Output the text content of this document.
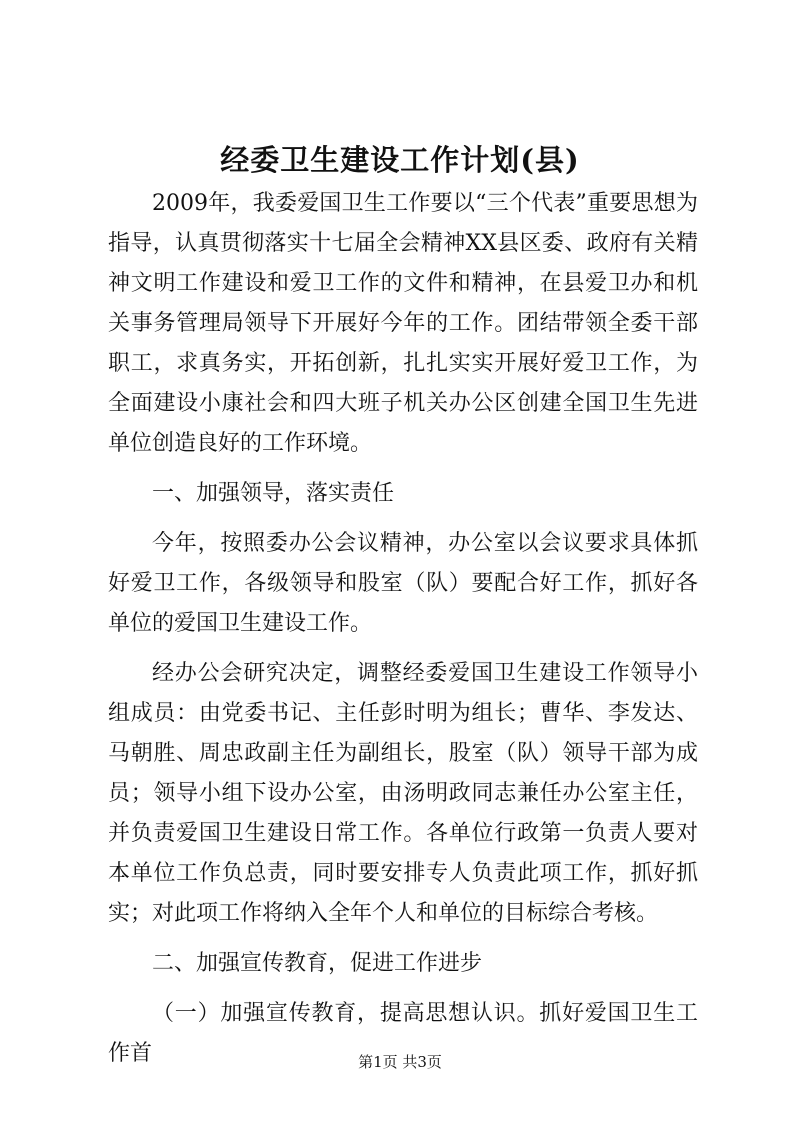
经委卫生建设工作计划(县)

2009年，我委爱国卫生工作要以“三个代表”重要思想为指导，认真贯彻落实十七届全会精神XX县区委、政府有关精神文明工作建设和爱卫工作的文件和精神，在县爱卫办和机关事务管理局领导下开展好今年的工作。团结带领全委干部职工，求真务实，开拓创新，扎扎实实开展好爱卫工作，为全面建设小康社会和四大班子机关办公区创建全国卫生先进单位创造良好的工作环境。

一、加强领导，落实责任

今年，按照委办公会议精神，办公室以会议要求具体抓好爱卫工作，各级领导和股室（队）要配合好工作，抓好各单位的爱国卫生建设工作。

经办公会研究决定，调整经委爱国卫生建设工作领导小组成员：由党委书记、主任彭时明为组长；曹华、李发达、马朝胜、周忠政副主任为副组长，股室（队）领导干部为成员；领导小组下设办公室，由汤明政同志兼任办公室主任，并负责爱国卫生建设日常工作。各单位行政第一负责人要对本单位工作负总责，同时要安排专人负责此项工作，抓好抓实；对此项工作将纳入全年个人和单位的目标综合考核。

二、加强宣传教育，促进工作进步

（一）加强宣传教育，提高思想认识。抓好爱国卫生工作首	第1页 共3页
